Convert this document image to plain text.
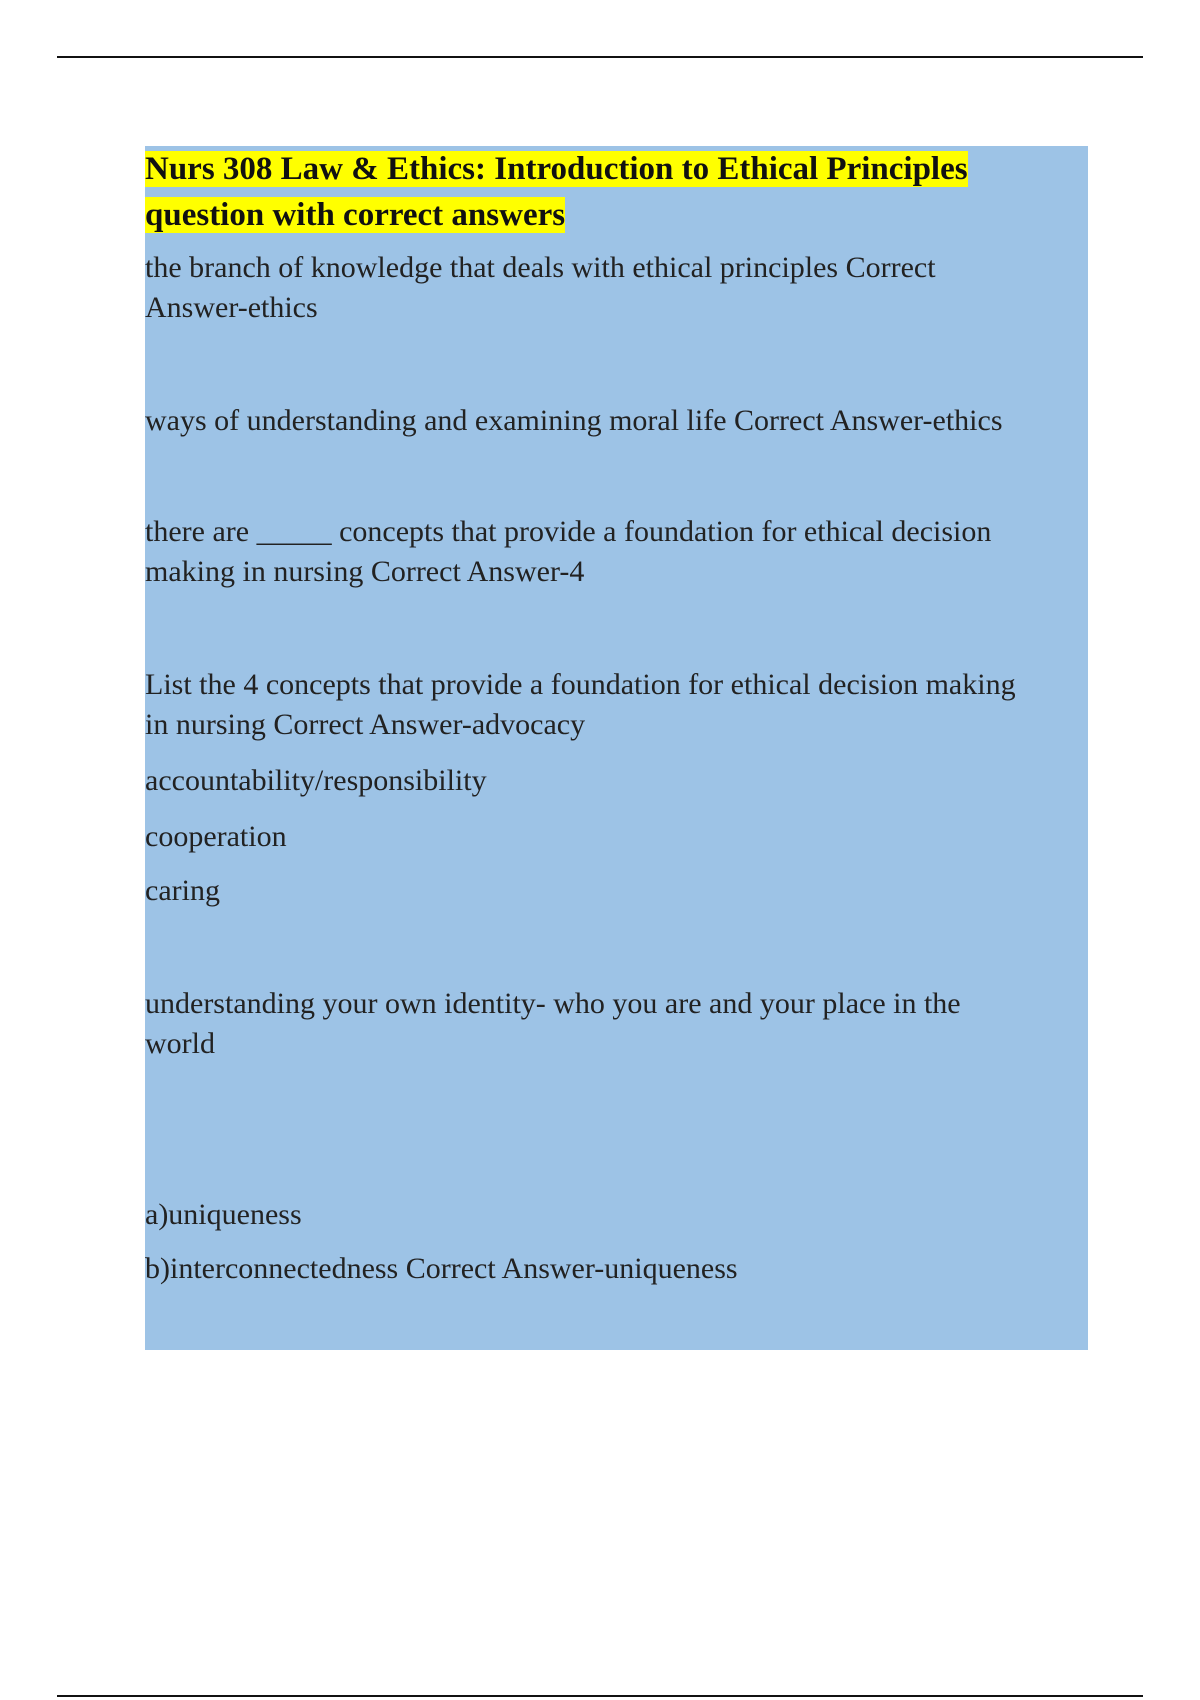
Nurs 308 Law & Ethics: Introduction to Ethical Principles
question with correct answers

the branch of knowledge that deals with ethical principles Correct
Answer-ethics

ways of understanding and examining moral life Correct Answer-ethics

there are _____ concepts that provide a foundation for ethical decision
making in nursing Correct Answer-4

List the 4 concepts that provide a foundation for ethical decision making
in nursing Correct Answer-advocacy

accountability/responsibility

cooperation

caring

understanding your own identity- who you are and your place in the
world

a)uniqueness

b)interconnectedness Correct Answer-uniqueness
